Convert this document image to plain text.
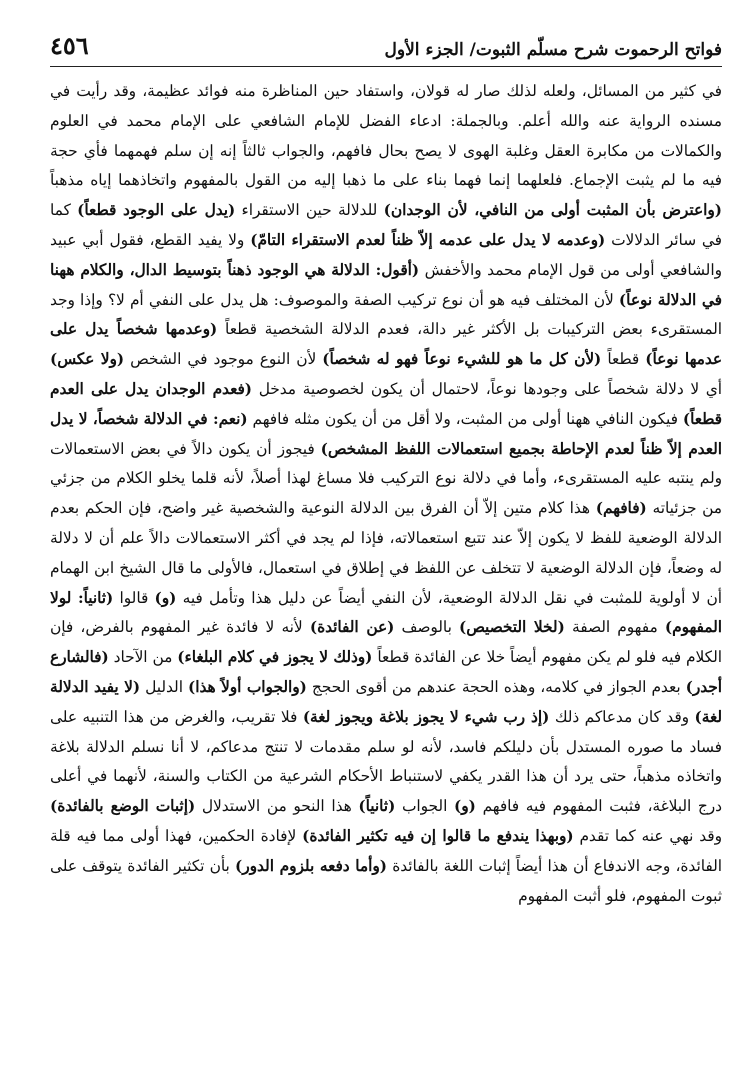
فواتح الرحموت شرح مسلّم الثبوت/ الجزء الأول
٤٥٦
في كثير من المسائل، ولعله لذلك صار له قولان، واستفاد حين المناظرة منه فوائد عظيمة، وقد رأيت في مسنده الرواية عنه والله أعلم. وبالجملة: ادعاء الفضل للإمام الشافعي على الإمام محمد في العلوم والكمالات من مكابرة العقل وغلبة الهوى لا يصح بحال فافهم، والجواب ثالثاً إنه إن سلم فهمهما فأي حجة فيه ما لم يثبت الإجماع. فلعلهما إنما فهما بناء على ما ذهبا إليه من القول بالمفهوم واتخاذهما إياه مذهباً (واعترض بأن المثبت أولى من النافي، لأن الوجدان) للدلالة حين الاستقراء (يدل على الوجود قطعاً) كما في سائر الدلالات (وعدمه لا يدل على عدمه إلاّ ظناً لعدم الاستقراء التامّ) ولا يفيد القطع، فقول أبي عبيد والشافعي أولى من قول الإمام محمد والأخفش (أقول: الدلالة هي الوجود ذهناً بتوسيط الدال، والكلام ههنا في الدلالة نوعاً) لأن المختلف فيه هو أن نوع تركيب الصفة والموصوف: هل يدل على النفي أم لا؟ وإذا وجد المستقرىء بعض التركيبات بل الأكثر غير دالة، فعدم الدلالة الشخصية قطعاً (وعدمها شخصاً يدل على عدمها نوعاً) قطعاً (لأن كل ما هو للشيء نوعاً فهو له شخصاً) لأن النوع موجود في الشخص (ولا عكس) أي لا دلالة شخصاً على وجودها نوعاً، لاحتمال أن يكون لخصوصية مدخل (فعدم الوجدان يدل على العدم قطعاً) فيكون النافي ههنا أولى من المثبت، ولا أقل من أن يكون مثله فافهم (نعم: في الدلالة شخصاً، لا يدل العدم إلاّ ظناً لعدم الإحاطة بجميع استعمالات اللفظ المشخص) فيجوز أن يكون دالاً في بعض الاستعمالات ولم ينتبه عليه المستقرىء، وأما في دلالة نوع التركيب فلا مساغ لهذا أصلاً، لأنه قلما يخلو الكلام من جزئي من جزئياته (فافهم) هذا كلام متين إلاّ أن الفرق بين الدلالة النوعية والشخصية غير واضح، فإن الحكم بعدم الدلالة الوضعية للفظ لا يكون إلاّ عند تتبع استعمالاته، فإذا لم يجد في أكثر الاستعمالات دالاً علم أن لا دلالة له وضعاً، فإن الدلالة الوضعية لا تتخلف عن اللفظ في إطلاق في استعمال، فالأولى ما قال الشيخ ابن الهمام أن لا أولوية للمثبت في نقل الدلالة الوضعية، لأن النفي أيضاً عن دليل هذا وتأمل فيه (و) قالوا (ثانياً: لولا المفهوم) مفهوم الصفة (لخلا التخصيص) بالوصف (عن الفائدة) لأنه لا فائدة غير المفهوم بالفرض، فإن الكلام فيه فلو لم يكن مفهوم أيضاً خلا عن الفائدة قطعاً (وذلك لا يجوز في كلام البلغاء) من الآحاد (فالشارع أجدر) بعدم الجواز في كلامه، وهذه الحجة عندهم من أقوى الحجج (والجواب أولاً هذا) الدليل (لا يفيد الدلالة لغة) وقد كان مدعاكم ذلك (إذ رب شيء لا يجوز بلاغة ويجوز لغة) فلا تقريب، والغرض من هذا التنبيه على فساد ما صوره المستدل بأن دليلكم فاسد، لأنه لو سلم مقدمات لا تنتج مدعاكم، لا أنا نسلم الدلالة بلاغة واتخاذه مذهباً، حتى يرد أن هذا القدر يكفي لاستنباط الأحكام الشرعية من الكتاب والسنة، لأنهما في أعلى درج البلاغة، فثبت المفهوم فيه فافهم (و) الجواب (ثانياً) هذا النحو من الاستدلال (إثبات الوضع بالفائدة) وقد نهي عنه كما تقدم (وبهذا يندفع ما قالوا إن فيه تكثير الفائدة) لإفادة الحكمين، فهذا أولى مما فيه قلة الفائدة، وجه الاندفاع أن هذا أيضاً إثبات اللغة بالفائدة (وأما دفعه بلزوم الدور) بأن تكثير الفائدة يتوقف على ثبوت المفهوم، فلو أثبت المفهوم
